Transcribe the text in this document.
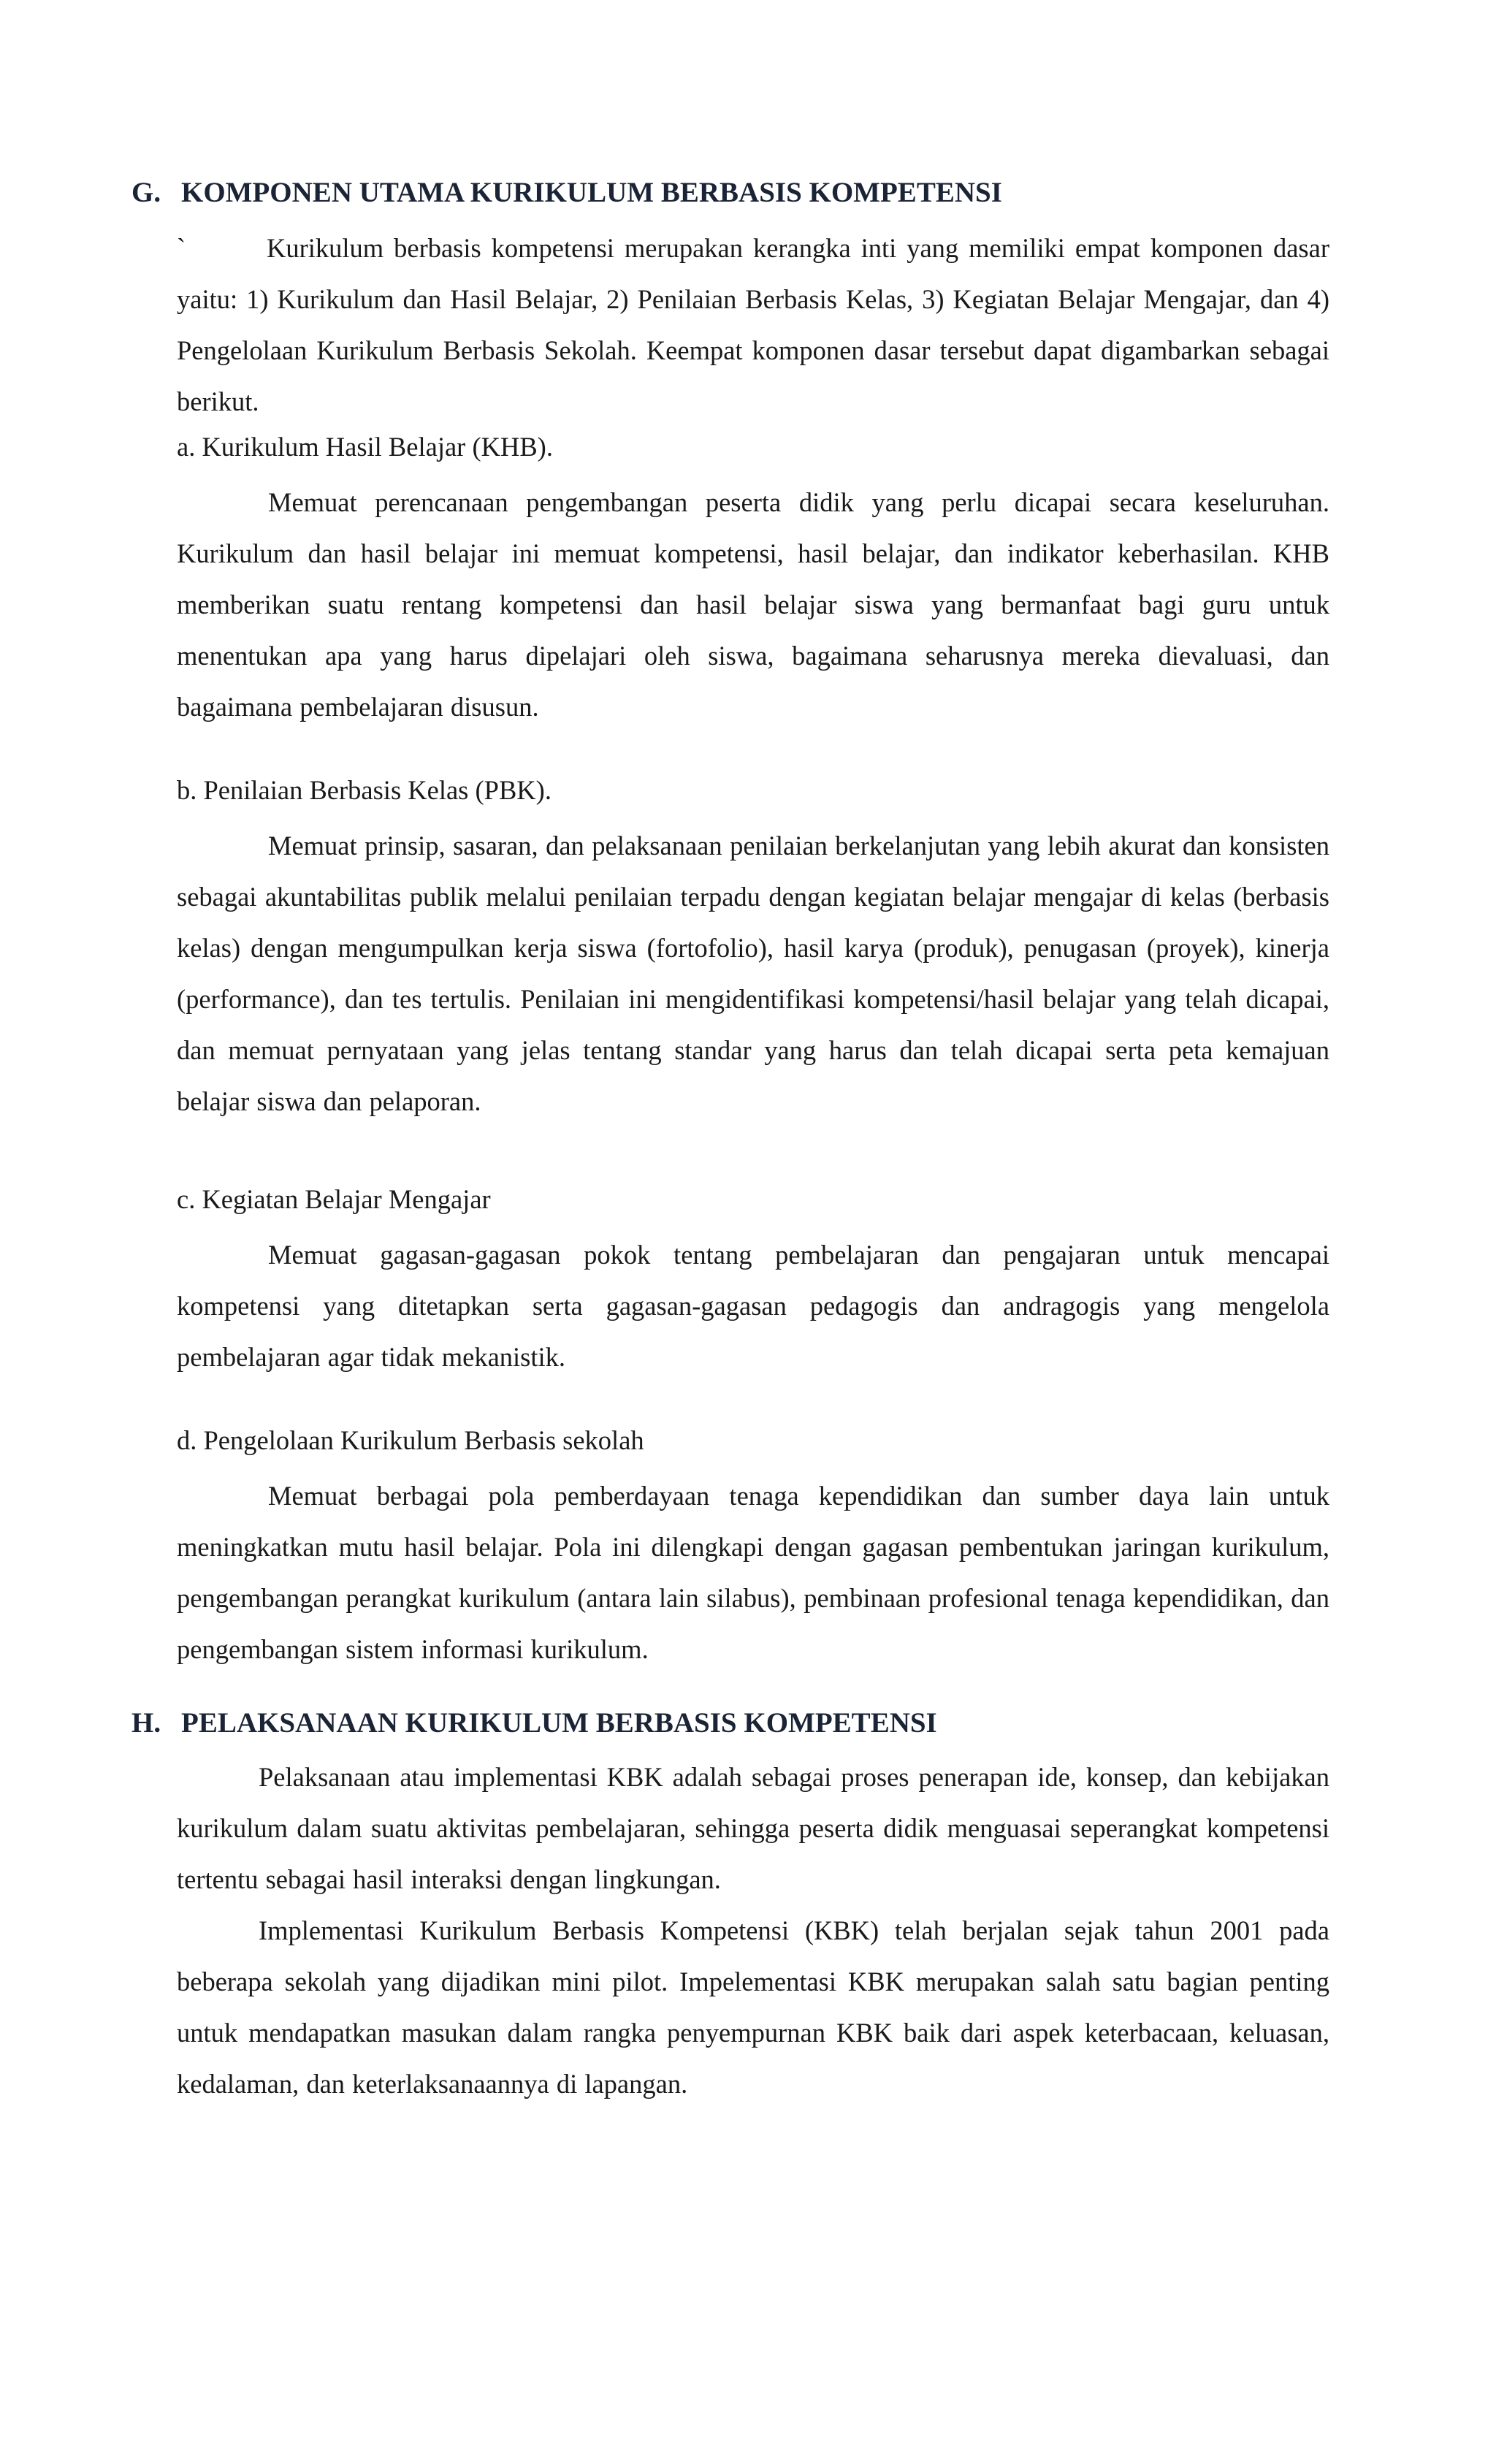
G. KOMPONEN UTAMA KURIKULUM BERBASIS KOMPETENSI

`	Kurikulum berbasis kompetensi merupakan kerangka inti yang memiliki empat komponen dasar yaitu: 1) Kurikulum dan Hasil Belajar, 2) Penilaian Berbasis Kelas, 3) Kegiatan Belajar Mengajar, dan 4) Pengelolaan Kurikulum Berbasis Sekolah. Keempat komponen dasar tersebut dapat digambarkan sebagai berikut.

a. Kurikulum Hasil Belajar (KHB).

Memuat perencanaan pengembangan peserta didik yang perlu dicapai secara keseluruhan. Kurikulum dan hasil belajar ini memuat kompetensi, hasil belajar, dan indikator keberhasilan. KHB memberikan suatu rentang kompetensi dan hasil belajar siswa yang bermanfaat bagi guru untuk menentukan apa yang harus dipelajari oleh siswa, bagaimana seharusnya mereka dievaluasi, dan bagaimana pembelajaran disusun.

b. Penilaian Berbasis Kelas (PBK).

Memuat prinsip, sasaran, dan pelaksanaan penilaian berkelanjutan yang lebih akurat dan konsisten sebagai akuntabilitas publik melalui penilaian terpadu dengan kegiatan belajar mengajar di kelas (berbasis kelas) dengan mengumpulkan kerja siswa (fortofolio), hasil karya (produk), penugasan (proyek), kinerja (performance), dan tes tertulis. Penilaian ini mengidentifikasi kompetensi/hasil belajar yang telah dicapai, dan memuat pernyataan yang jelas tentang standar yang harus dan telah dicapai serta peta kemajuan belajar siswa dan pelaporan.

c. Kegiatan Belajar Mengajar

Memuat gagasan-gagasan pokok tentang pembelajaran dan pengajaran untuk mencapai kompetensi yang ditetapkan serta gagasan-gagasan pedagogis dan andragogis yang mengelola pembelajaran agar tidak mekanistik.

d. Pengelolaan Kurikulum Berbasis sekolah

Memuat berbagai pola pemberdayaan tenaga kependidikan dan sumber daya lain untuk meningkatkan mutu hasil belajar. Pola ini dilengkapi dengan gagasan pembentukan jaringan kurikulum, pengembangan perangkat kurikulum (antara lain silabus), pembinaan profesional tenaga kependidikan, dan pengembangan sistem informasi kurikulum.

H. PELAKSANAAN KURIKULUM BERBASIS KOMPETENSI

Pelaksanaan atau implementasi KBK adalah sebagai proses penerapan ide, konsep, dan kebijakan kurikulum dalam suatu aktivitas pembelajaran, sehingga peserta didik menguasai seperangkat kompetensi tertentu sebagai hasil interaksi dengan lingkungan.

Implementasi Kurikulum Berbasis Kompetensi (KBK) telah berjalan sejak tahun 2001 pada beberapa sekolah yang dijadikan mini pilot. Impelementasi KBK merupakan salah satu bagian penting untuk mendapatkan masukan dalam rangka penyempurnan KBK baik dari aspek keterbacaan, keluasan, kedalaman, dan keterlaksanaannya di lapangan.
